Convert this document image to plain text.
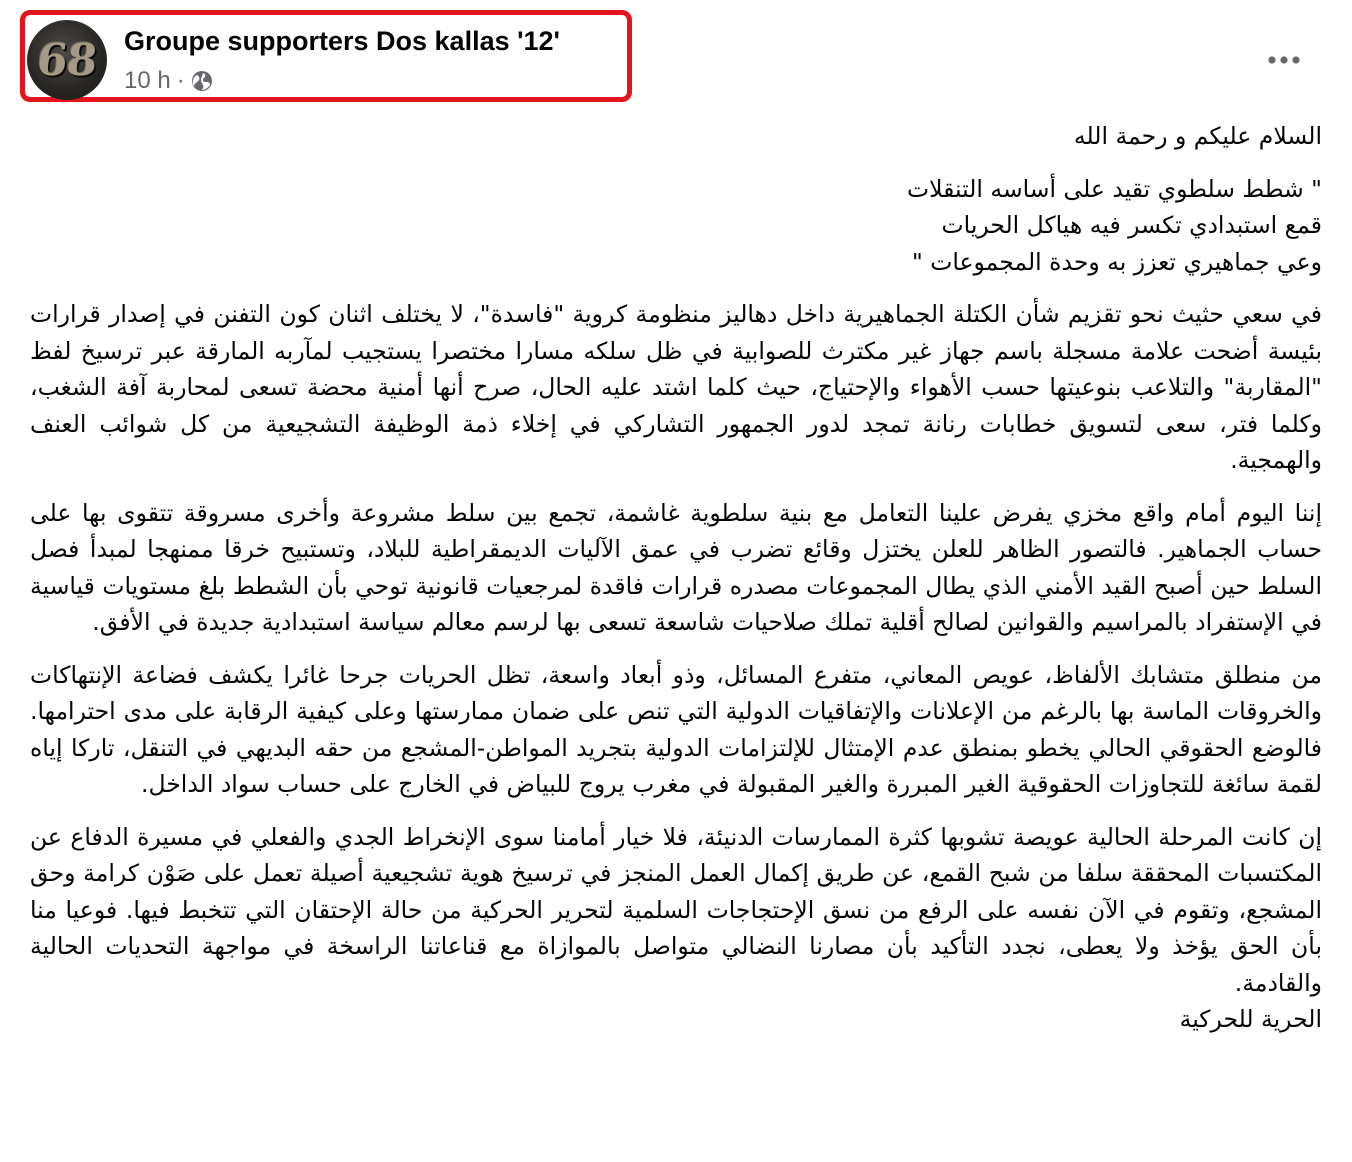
68 Groupe supporters Dos kallas '12'
10 h ·

السلام عليكم و رحمة الله

" شطط سلطوي تقيد على أساسه التنقلات

قمع استبدادي تكسر فيه هياكل الحريات

وعي جماهيري تعزز به وحدة المجموعات "

في سعي حثيث نحو تقزيم شأن الكتلة الجماهيرية داخل دهاليز منظومة كروية "فاسدة"، لا يختلف اثنان كون التفنن في إصدار قرارات بئيسة أضحت علامة مسجلة باسم جهاز غير مكترث للصوابية في ظل سلكه مسارا مختصرا يستجيب لمآربه المارقة عبر ترسيخ لفظ "المقاربة" والتلاعب بنوعيتها حسب الأهواء والإحتياج، حيث كلما اشتد عليه الحال، صرح أنها أمنية محضة تسعى لمحاربة آفة الشغب، وكلما فتر، سعى لتسويق خطابات رنانة تمجد لدور الجمهور التشاركي في إخلاء ذمة الوظيفة التشجيعية من كل شوائب العنف والهمجية.

إننا اليوم أمام واقع مخزي يفرض علينا التعامل مع بنية سلطوية غاشمة، تجمع بين سلط مشروعة وأخرى مسروقة تتقوى بها على حساب الجماهير. فالتصور الظاهر للعلن يختزل وقائع تضرب في عمق الآليات الديمقراطية للبلاد، وتستبيح خرقا ممنهجا لمبدأ فصل السلط حين أصبح القيد الأمني الذي يطال المجموعات مصدره قرارات فاقدة لمرجعيات قانونية توحي بأن الشطط بلغ مستويات قياسية في الإستفراد بالمراسيم والقوانين لصالح أقلية تملك صلاحيات شاسعة تسعى بها لرسم معالم سياسة استبدادية جديدة في الأفق.

من منطلق متشابك الألفاظ، عويص المعاني، متفرع المسائل، وذو أبعاد واسعة، تظل الحريات جرحا غائرا يكشف فضاعة الإنتهاكات والخروقات الماسة بها بالرغم من الإعلانات والإتفاقيات الدولية التي تنص على ضمان ممارستها وعلى كيفية الرقابة على مدى احترامها. فالوضع الحقوقي الحالي يخطو بمنطق عدم الإمتثال للإلتزامات الدولية بتجريد المواطن-المشجع من حقه البديهي في التنقل، تاركا إياه لقمة سائغة للتجاوزات الحقوقية الغير المبررة والغير المقبولة في مغرب يروج للبياض في الخارج على حساب سواد الداخل.

إن كانت المرحلة الحالية عويصة تشوبها كثرة الممارسات الدنيئة، فلا خيار أمامنا سوى الإنخراط الجدي والفعلي في مسيرة الدفاع عن المكتسبات المحققة سلفا من شبح القمع، عن طريق إكمال العمل المنجز في ترسيخ هوية تشجيعية أصيلة تعمل على صَوْن كرامة وحق المشجع، وتقوم في الآن نفسه على الرفع من نسق الإحتجاجات السلمية لتحرير الحركية من حالة الإحتقان التي تتخبط فيها. فوعيا منا بأن الحق يؤخذ ولا يعطى، نجدد التأكيد بأن مصارنا النضالي متواصل بالموازاة مع قناعاتنا الراسخة في مواجهة التحديات الحالية والقادمة.

الحرية للحركية
